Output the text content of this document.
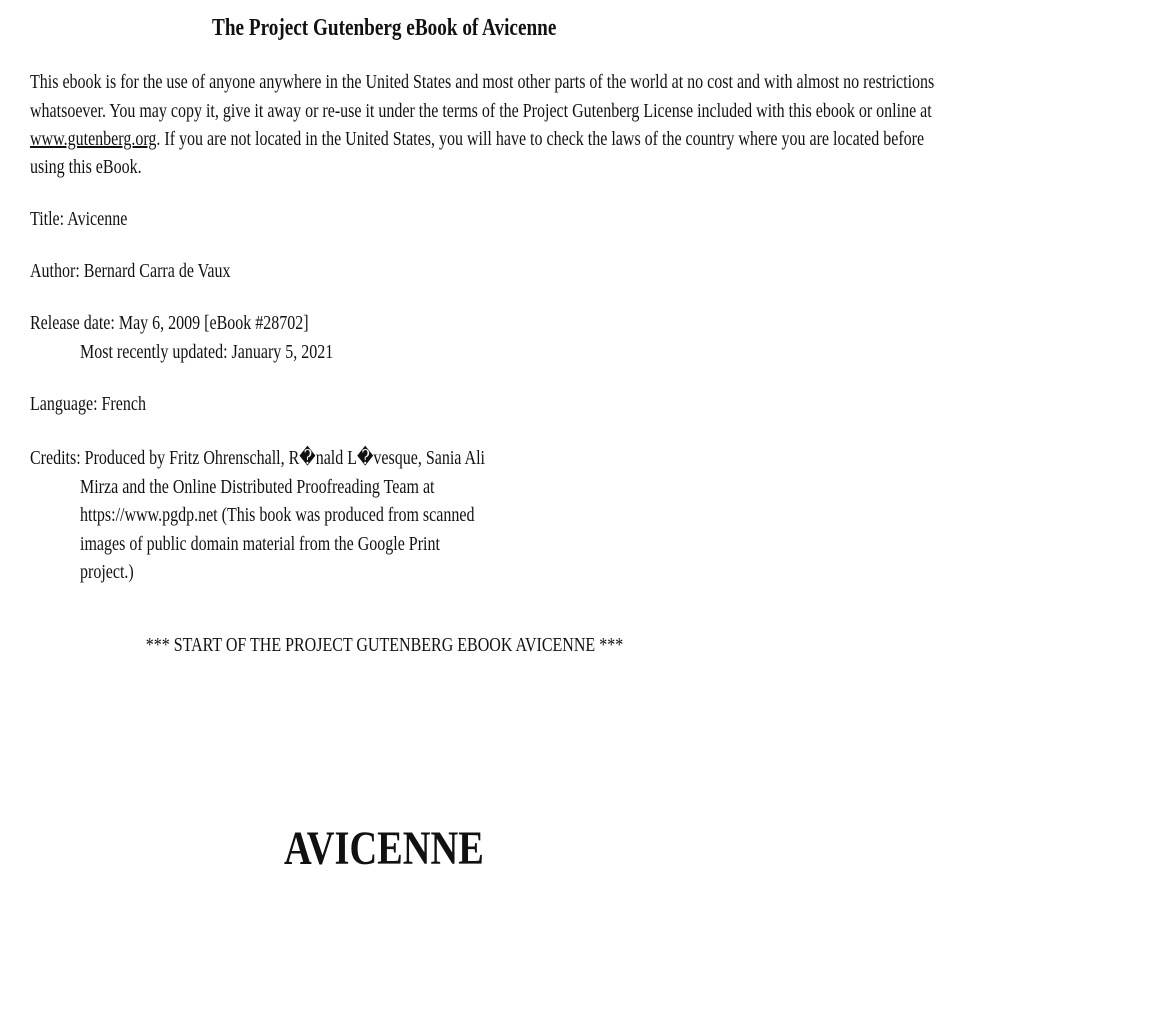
The Project Gutenberg eBook of Avicenne
This ebook is for the use of anyone anywhere in the United States and most other parts of the world at no cost and with almost no restrictions
whatsoever. You may copy it, give it away or re-use it under the terms of the Project Gutenberg License included with this ebook or online at
www.gutenberg.org. If you are not located in the United States, you will have to check the laws of the country where you are located before
using this eBook.
Title: Avicenne
Author: Bernard Carra de Vaux
Release date: May 6, 2009 [eBook #28702]
Most recently updated: January 5, 2021
Language: French
Credits: Produced by Fritz Ohrenschall, R�nald L�vesque, Sania Ali
Mirza and the Online Distributed Proofreading Team at
https://www.pgdp.net (This book was produced from scanned
images of public domain material from the Google Print
project.)
*** START OF THE PROJECT GUTENBERG EBOOK AVICENNE ***
AVICENNE
